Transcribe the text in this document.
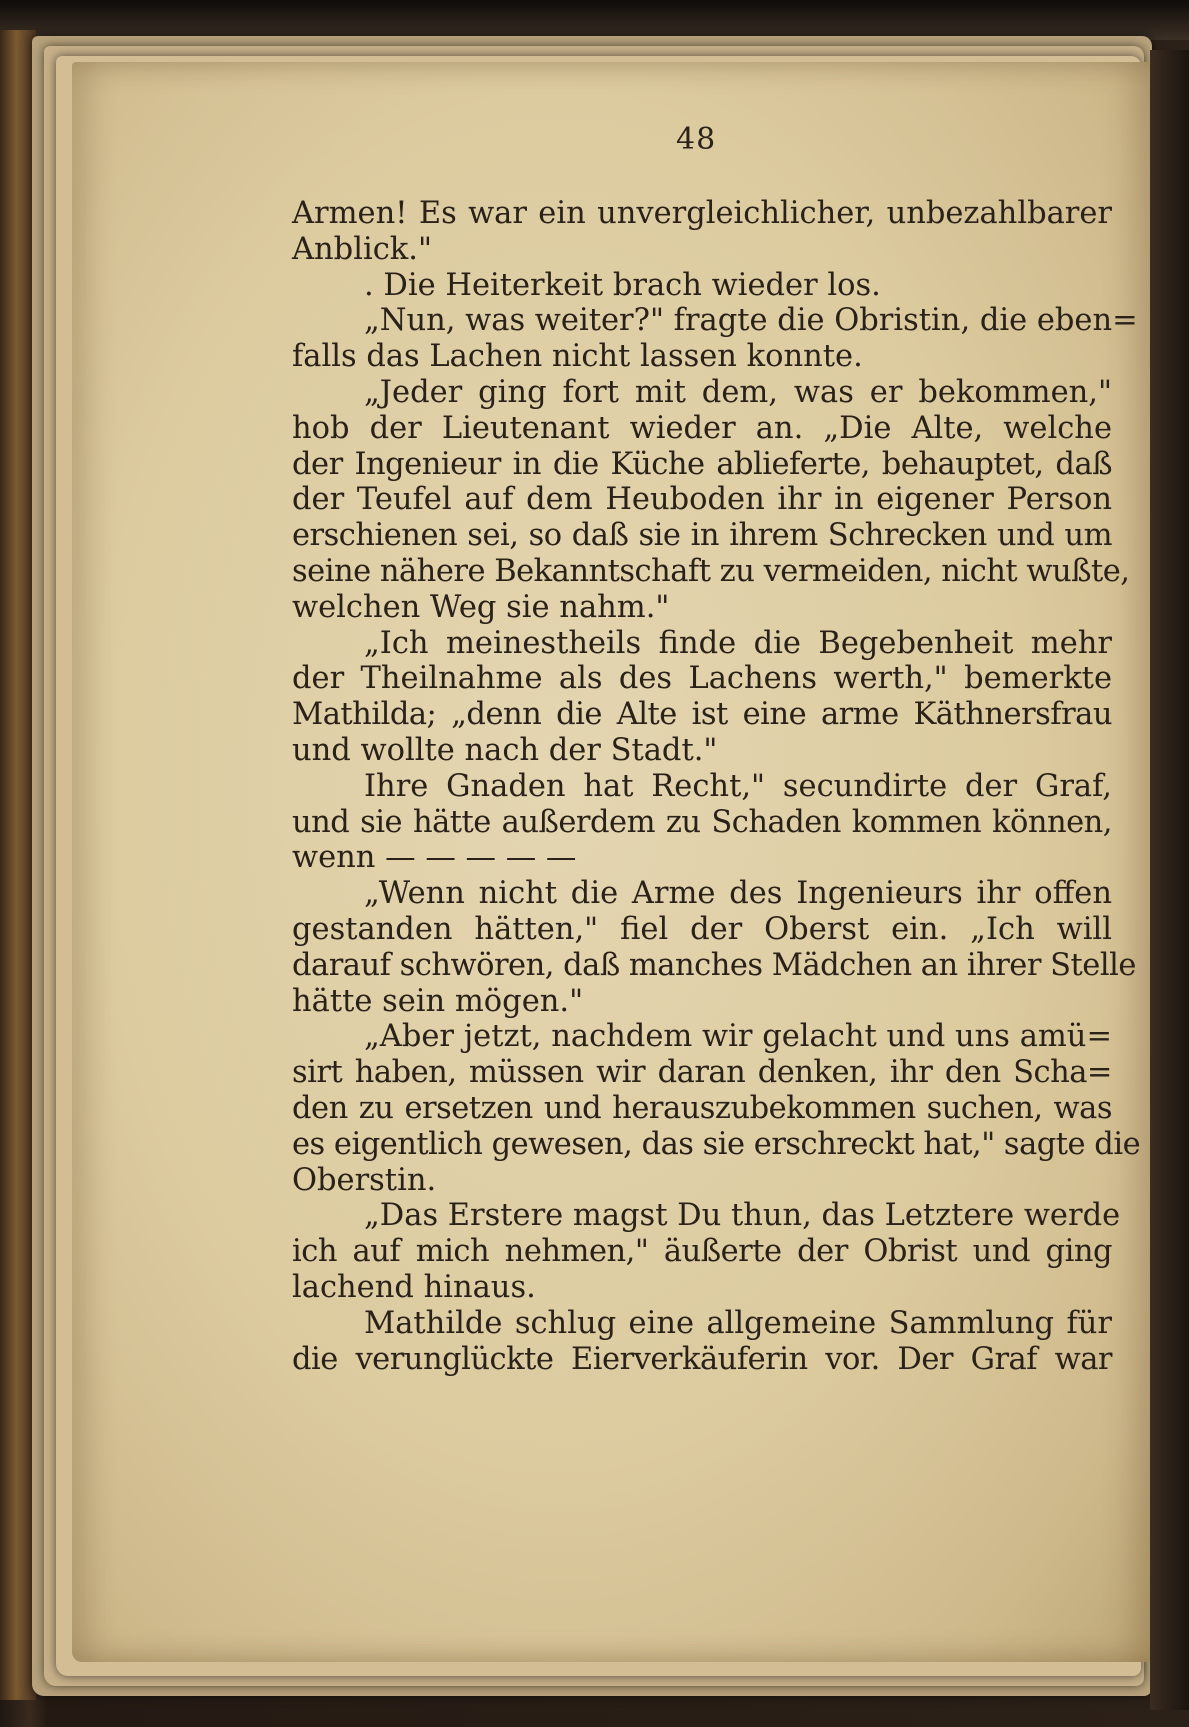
48
Armen! Es war ein unvergleichlicher, unbezahlbarer
Anblick."
. Die Heiterkeit brach wieder los.
„Nun, was weiter?" fragte die Obristin, die eben=
falls das Lachen nicht lassen konnte.
„Jeder ging fort mit dem, was er bekommen,"
hob der Lieutenant wieder an. „Die Alte, welche
der Ingenieur in die Küche ablieferte, behauptet, daß
der Teufel auf dem Heuboden ihr in eigener Person
erschienen sei, so daß sie in ihrem Schrecken und um
seine nähere Bekanntschaft zu vermeiden, nicht wußte,
welchen Weg sie nahm."
„Ich meinestheils finde die Begebenheit mehr
der Theilnahme als des Lachens werth," bemerkte
Mathilda; „denn die Alte ist eine arme Käthnersfrau
und wollte nach der Stadt."
Ihre Gnaden hat Recht," secundirte der Graf,
und sie hätte außerdem zu Schaden kommen können,
wenn — — — — —
„Wenn nicht die Arme des Ingenieurs ihr offen
gestanden hätten," fiel der Oberst ein. „Ich will
darauf schwören, daß manches Mädchen an ihrer Stelle
hätte sein mögen."
„Aber jetzt, nachdem wir gelacht und uns amü=
sirt haben, müssen wir daran denken, ihr den Scha=
den zu ersetzen und herauszubekommen suchen, was
es eigentlich gewesen, das sie erschreckt hat," sagte die
Oberstin.
„Das Erstere magst Du thun, das Letztere werde
ich auf mich nehmen," äußerte der Obrist und ging
lachend hinaus.
Mathilde schlug eine allgemeine Sammlung für
die verunglückte Eierverkäuferin vor. Der Graf war
